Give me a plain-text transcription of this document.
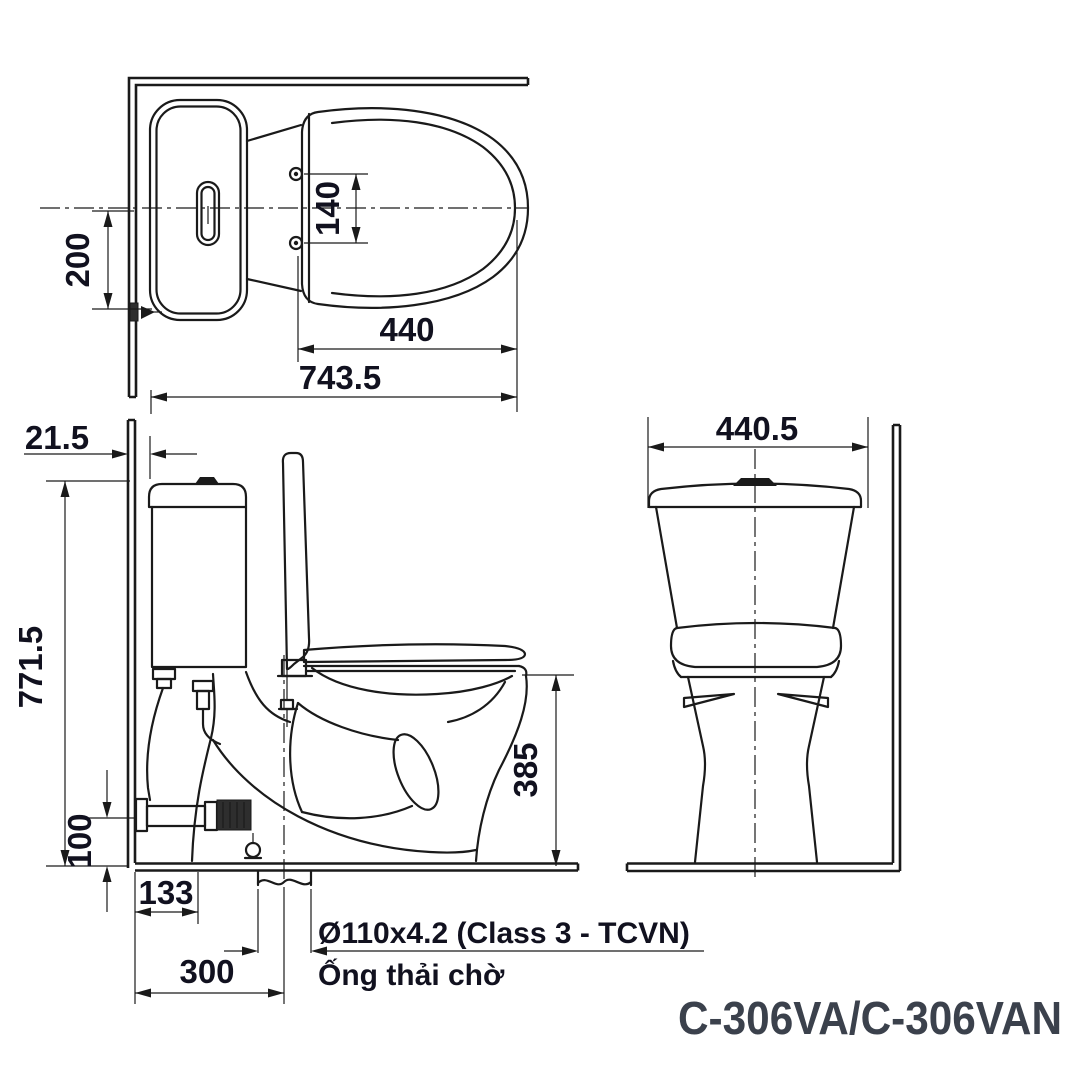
200
140
440
743.5
21.5
771.5
100
385
133
300
Ø110x4.2 (Class 3 - TCVN)
Ống thải chờ
440.5
C-306VA/C-306VAN
